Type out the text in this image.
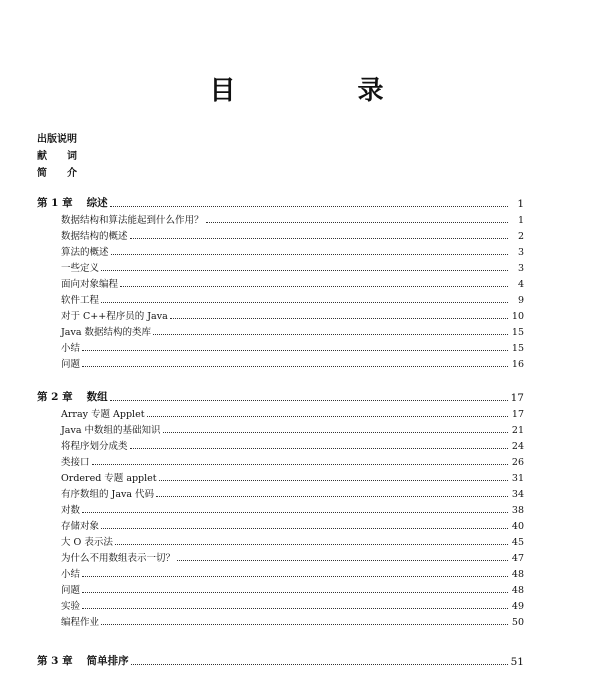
目　录
出版说明
献　　词
简　　介
第 1 章 综述	1
数据结构和算法能起到什么作用？	1
数据结构的概述	2
算法的概述	3
一些定义	3
面向对象编程	4
软件工程	9
对于 C++程序员的 Java	10
Java 数据结构的类库	15
小结	15
问题	16
第 2 章 数组	17
Array 专题 Applet	17
Java 中数组的基础知识	21
将程序划分成类	24
类接口	26
Ordered 专题 applet	31
有序数组的 Java 代码	34
对数	38
存储对象	40
大 O 表示法	45
为什么不用数组表示一切？	47
小结	48
问题	48
实验	49
编程作业	50
第 3 章 简单排序	51
